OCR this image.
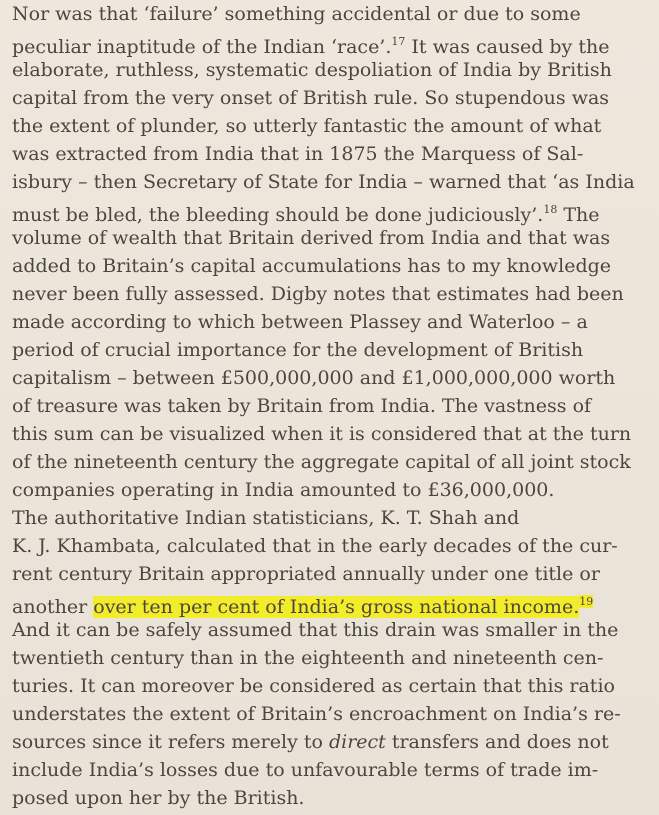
Nor was that ‘failure’ something accidental or due to some
peculiar inaptitude of the Indian ‘race’.$^{17}$ It was caused by the
elaborate, ruthless, systematic despoliation of India by British
capital from the very onset of British rule. So stupendous was
the extent of plunder, so utterly fantastic the amount of what
was extracted from India that in 1875 the Marquess of Sal-
isbury – then Secretary of State for India – warned that ‘as India
must be bled, the bleeding should be done judiciously’.$^{18}$ The
volume of wealth that Britain derived from India and that was
added to Britain’s capital accumulations has to my knowledge
never been fully assessed. Digby notes that estimates had been
made according to which between Plassey and Waterloo – a
period of crucial importance for the development of British
capitalism – between £500,000,000 and £1,000,000,000 worth
of treasure was taken by Britain from India. The vastness of
this sum can be visualized when it is considered that at the turn
of the nineteenth century the aggregate capital of all joint stock
companies operating in India amounted to £36,000,000.
The authoritative Indian statisticians, K. T. Shah and
K. J. Khambata, calculated that in the early decades of the cur-
rent century Britain appropriated annually under one title or
another over ten per cent of India’s gross national income.$^{19}$
And it can be safely assumed that this drain was smaller in the
twentieth century than in the eighteenth and nineteenth cen-
turies. It can moreover be considered as certain that this ratio
understates the extent of Britain’s encroachment on India’s re-
sources since it refers merely to direct transfers and does not
include India’s losses due to unfavourable terms of trade im-
posed upon her by the British.
